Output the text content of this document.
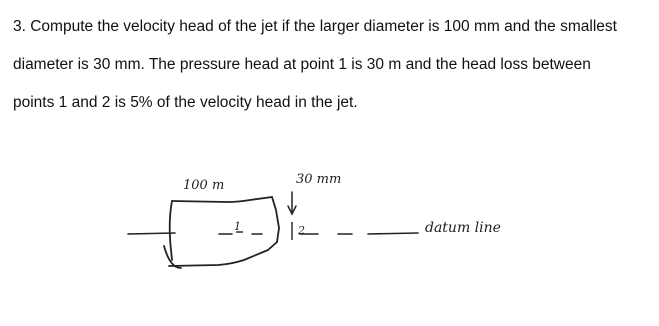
3. Compute the velocity head of the jet if the larger diameter is 100 mm and the smallest

diameter is 30 mm. The pressure head at point 1 is 30 m and the head loss between

points 1 and 2 is 5% of the velocity head in the jet.

1	2
100 m	30 mm
datum line
